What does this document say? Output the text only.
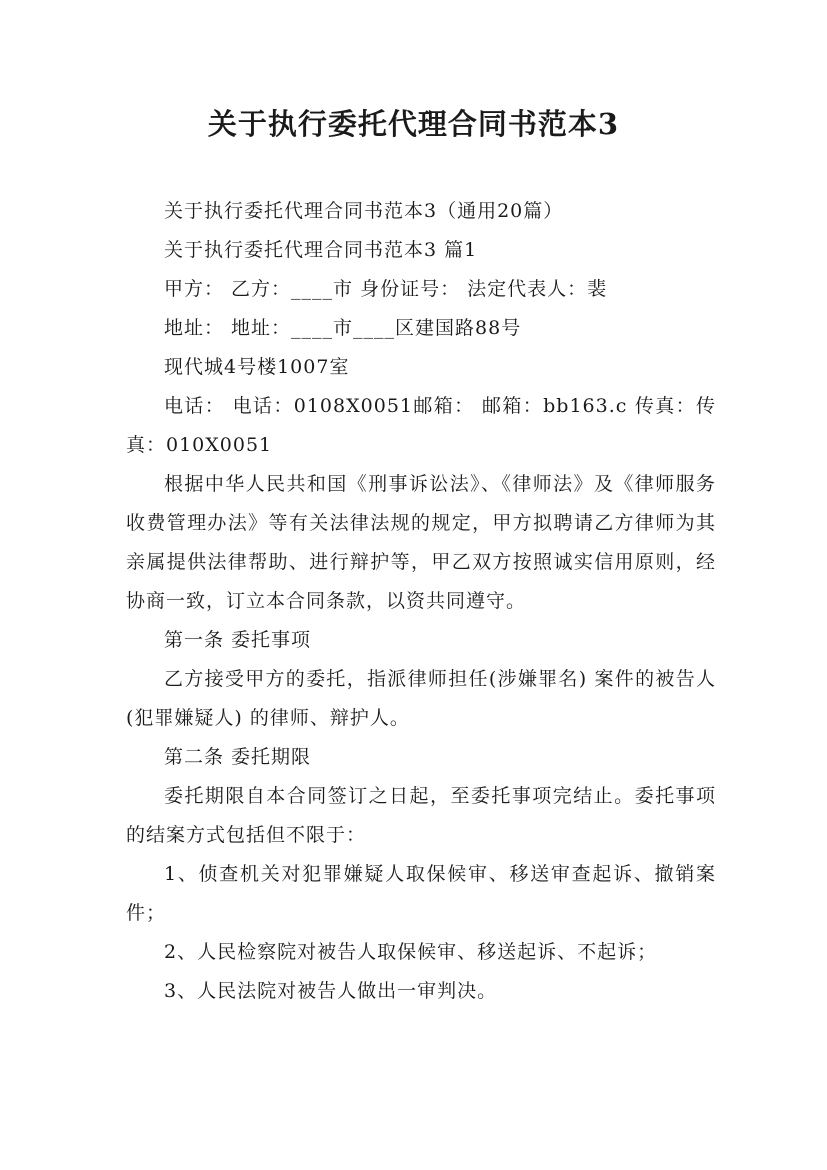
关于执行委托代理合同书范本3

关于执行委托代理合同书范本3（通用20篇）

关于执行委托代理合同书范本3 篇1

甲方： 乙方：____市 身份证号： 法定代表人：裴

地址： 地址：____市____区建国路88号

现代城4号楼1007室

电话： 电话：0108X0051邮箱： 邮箱：bb163.c 传真：传真：010X0051

根据中华人民共和国《刑事诉讼法》、《律师法》及《律师服务收费管理办法》等有关法律法规的规定，甲方拟聘请乙方律师为其亲属提供法律帮助、进行辩护等，甲乙双方按照诚实信用原则，经协商一致，订立本合同条款，以资共同遵守。

第一条 委托事项

乙方接受甲方的委托，指派律师担任(涉嫌罪名) 案件的被告人(犯罪嫌疑人) 的律师、辩护人。

第二条 委托期限

委托期限自本合同签订之日起，至委托事项完结止。委托事项的结案方式包括但不限于：

1、侦查机关对犯罪嫌疑人取保候审、移送审查起诉、撤销案件；

2、人民检察院对被告人取保候审、移送起诉、不起诉；

3、人民法院对被告人做出一审判决。
